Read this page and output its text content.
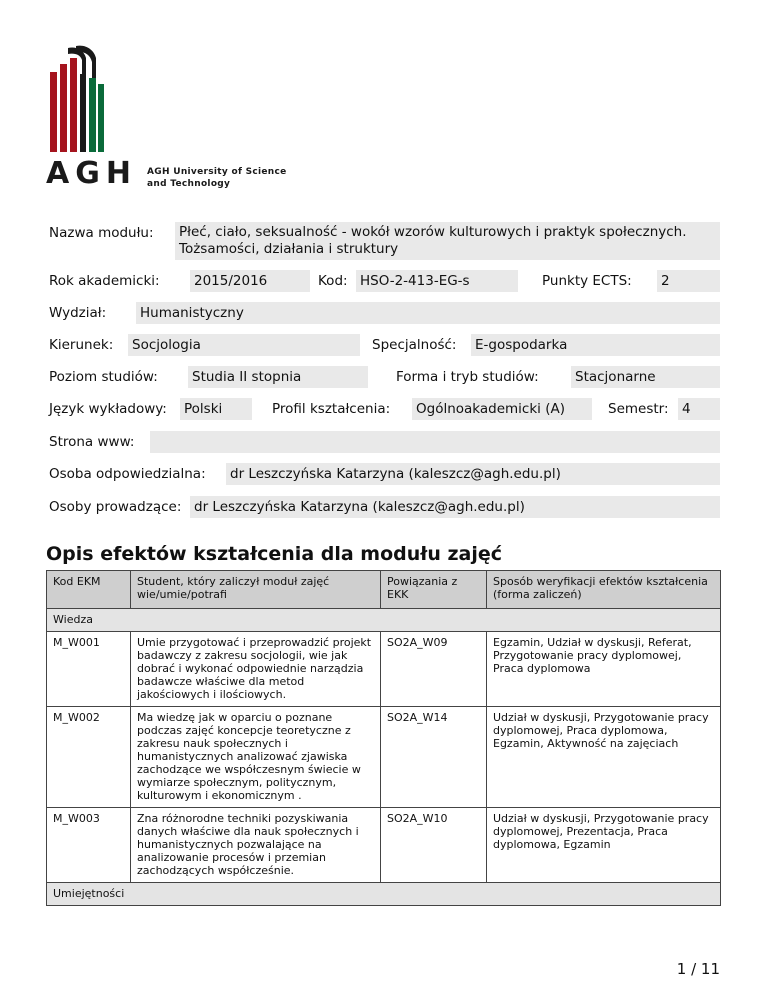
AGH AGH University of Science
and Technology
Nazwa modułu: Płeć, ciało, seksualność - wokół wzorów kulturowych i praktyk społecznych. Tożsamości, działania i struktury
Rok akademicki:	2015/2016	Kod: HSO-2-413-EG-s	Punkty ECTS: 2
Wydział:	Humanistyczny
Kierunek: Socjologia	Specjalność: E-gospodarka
Poziom studiów:	Studia II stopnia	Forma i tryb studiów:	Stacjonarne
Język wykładowy: Polski	Profil kształcenia: Ogólnoakademicki (A)	Semestr: 4
Strona www:
Osoba odpowiedzialna: dr Leszczyńska Katarzyna (kaleszcz@agh.edu.pl)
Osoby prowadzące: dr Leszczyńska Katarzyna (kaleszcz@agh.edu.pl)
Opis efektów kształcenia dla modułu zajęć
Kod EKM	Student, który zaliczył moduł zajęć wie/umie/potrafi	Powiązania z EKK	Sposób weryfikacji efektów kształcenia (forma zaliczeń)
Wiedza			
M_W001	Umie przygotować i przeprowadzić projekt badawczy z zakresu socjologii, wie jak dobrać i wykonać odpowiednie narządzia badawcze właściwe dla metod jakościowych i ilościowych.	SO2A_W09	Egzamin, Udział w dyskusji, Referat, Przygotowanie pracy dyplomowej, Praca dyplomowa
M_W002	Ma wiedzę jak w oparciu o poznane podczas zajęć koncepcje teoretyczne z zakresu nauk społecznych i humanistycznych analizować zjawiska zachodzące we współczesnym świecie w wymiarze społecznym, politycznym, kulturowym i ekonomicznym .	SO2A_W14	Udział w dyskusji, Przygotowanie pracy dyplomowej, Praca dyplomowa, Egzamin, Aktywność na zajęciach
M_W003	Zna różnorodne techniki pozyskiwania danych właściwe dla nauk społecznych i humanistycznych pozwalające na analizowanie procesów i przemian zachodzących współcześnie.	SO2A_W10	Udział w dyskusji, Przygotowanie pracy dyplomowej, Prezentacja, Praca dyplomowa, Egzamin
Umiejętności			
1 / 11
